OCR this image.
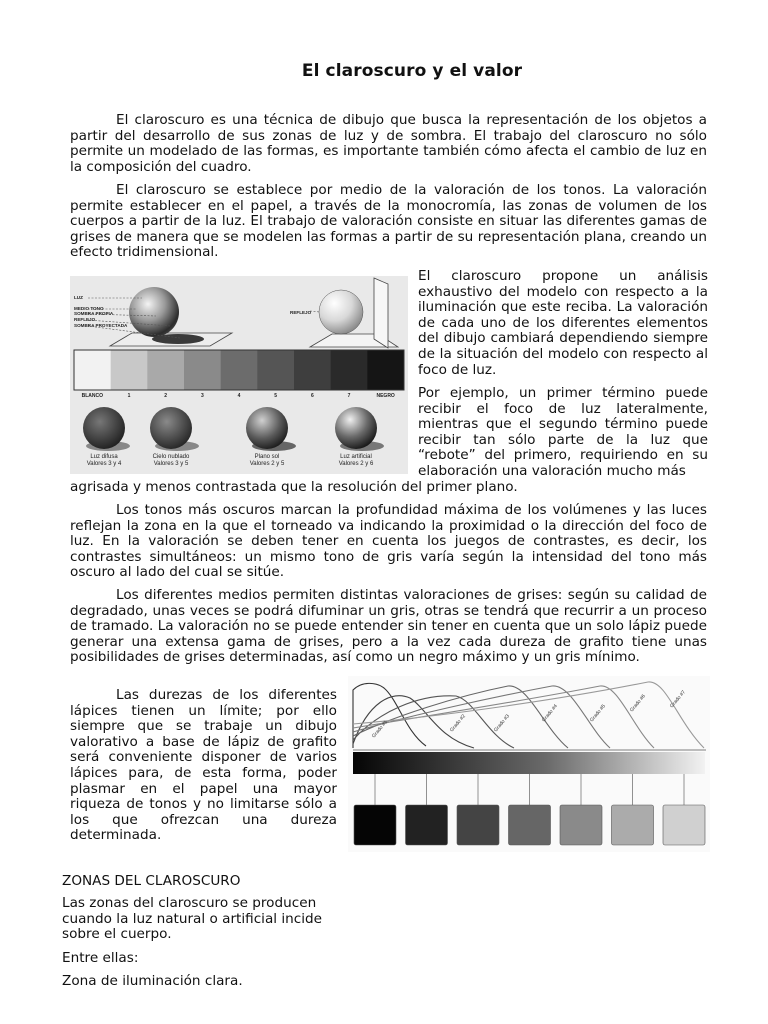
El claroscuro y el valor

El claroscuro es una técnica de dibujo que busca la representación de los objetos a partir del desarrollo de sus zonas de luz y de sombra. El trabajo del claroscuro no sólo permite un modelado de las formas, es importante también cómo afecta el cambio de luz en la composición del cuadro.

El claroscuro se establece por medio de la valoración de los tonos. La valoración permite establecer en el papel, a través de la monocromía, las zonas de volumen de los cuerpos a partir de la luz. El trabajo de valoración consiste en situar las diferentes gamas de grises de manera que se modelen las formas a partir de su representación plana, creando un efecto tridimensional.

LUZ
MEDIO TONO
SOMBRA PROPIA
REFLEJO
SOMBRA PROYECTADA
REFLEJO
BLANCO	1	2	3	4	5	6	7	NEGRO
Luz difusa
Valores 3 y 4
Cielo nublado
Valores 3 y 5
Plano sol
Valores 2 y 5
Luz artificial
Valores 2 y 6

El claroscuro propone un análisis exhaustivo del modelo con respecto a la iluminación que este reciba. La valoración de cada uno de los diferentes elementos del dibujo cambiará dependiendo siempre de la situación del modelo con respecto al foco de luz.

Por ejemplo, un primer término puede recibir el foco de luz lateralmente, mientras que el segundo término puede recibir tan sólo parte de la luz que “rebote” del primero, requiriendo en su elaboración una valoración mucho más

agrisada y menos contrastada que la resolución del primer plano.

Los tonos más oscuros marcan la profundidad máxima de los volúmenes y las luces reflejan la zona en la que el torneado va indicando la proximidad o la dirección del foco de luz. En la valoración se deben tener en cuenta los juegos de contrastes, es decir, los contrastes simultáneos: un mismo tono de gris varía según la intensidad del tono más oscuro al lado del cual se sitúe.

Los diferentes medios permiten distintas valoraciones de grises: según su calidad de degradado, unas veces se podrá difuminar un gris, otras se tendrá que recurrir a un proceso de tramado. La valoración no se puede entender sin tener en cuenta que un solo lápiz puede generar una extensa gama de grises, pero a la vez cada dureza de grafito tiene unas posibilidades de grises determinadas, así como un negro máximo y un gris mínimo.

Las durezas de los diferentes lápices tienen un límite; por ello siempre que se trabaje un dibujo valorativo a base de lápiz de grafito será conveniente disponer de varios lápices para, de esta forma, poder plasmar en el papel una mayor riqueza de tonos y no limitarse sólo a los que ofrezcan una dureza determinada.

Grado #1	Grado #2	Grado #3
Grado #4	Grado #5
Grado #6	Grado #7

ZONAS DEL CLAROSCURO

Las zonas del claroscuro se producen cuando la luz natural o artificial incide sobre el cuerpo.

Entre ellas:

Zona de iluminación clara.
